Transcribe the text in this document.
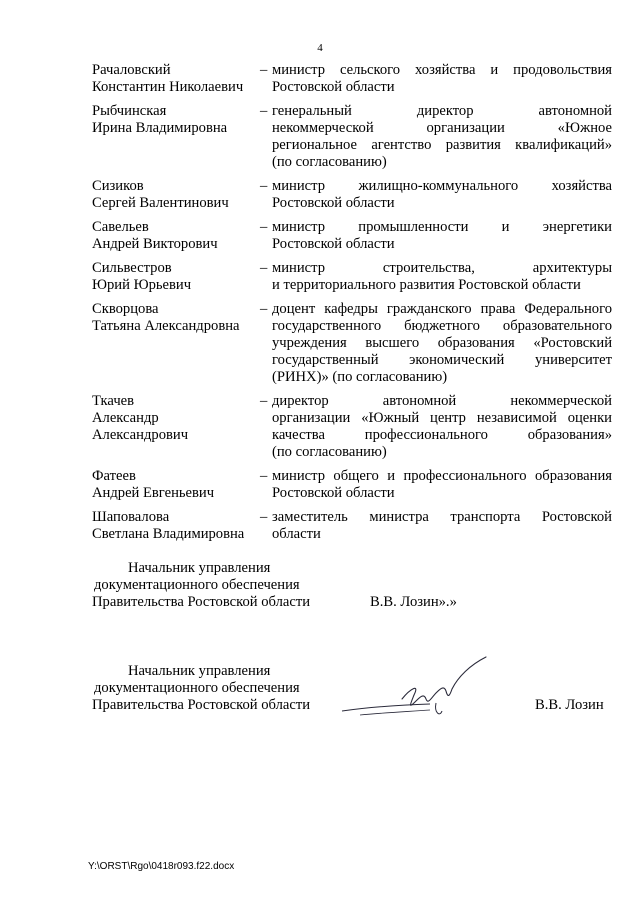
4
Рачаловский
Константин Николаевич
– министр сельского хозяйства и продовольствия
Ростовской области
Рыбчинская
Ирина Владимировна
– генеральный директор автономной
некоммерческой организации «Южное
региональное агентство развития квалификаций»
(по согласованию)
Сизиков
Сергей Валентинович
– министр жилищно-коммунального хозяйства
Ростовской области
Савельев
Андрей Викторович
– министр промышленности и энергетики
Ростовской области
Сильвестров
Юрий Юрьевич
– министр строительства, архитектуры
и территориального развития Ростовской области
Скворцова
Татьяна Александровна
– доцент кафедры гражданского права Федерального
государственного бюджетного образовательного
учреждения высшего образования «Ростовский
государственный экономический университет
(РИНХ)» (по согласованию)
Ткачев
Александр
Александрович
– директор автономной некоммерческой
организации «Южный центр независимой оценки
качества профессионального образования»
(по согласованию)
Фатеев
Андрей Евгеньевич
– министр общего и профессионального образования
Ростовской области
Шаповалова
Светлана Владимировна
– заместитель министра транспорта Ростовской
области
Начальник управления
документационного обеспечения
Правительства Ростовской области	В.В. Лозин».»
Начальник управления
документационного обеспечения
Правительства Ростовской области	В.В. Лозин
Y:\ORST\Rgo\0418r093.f22.docx
